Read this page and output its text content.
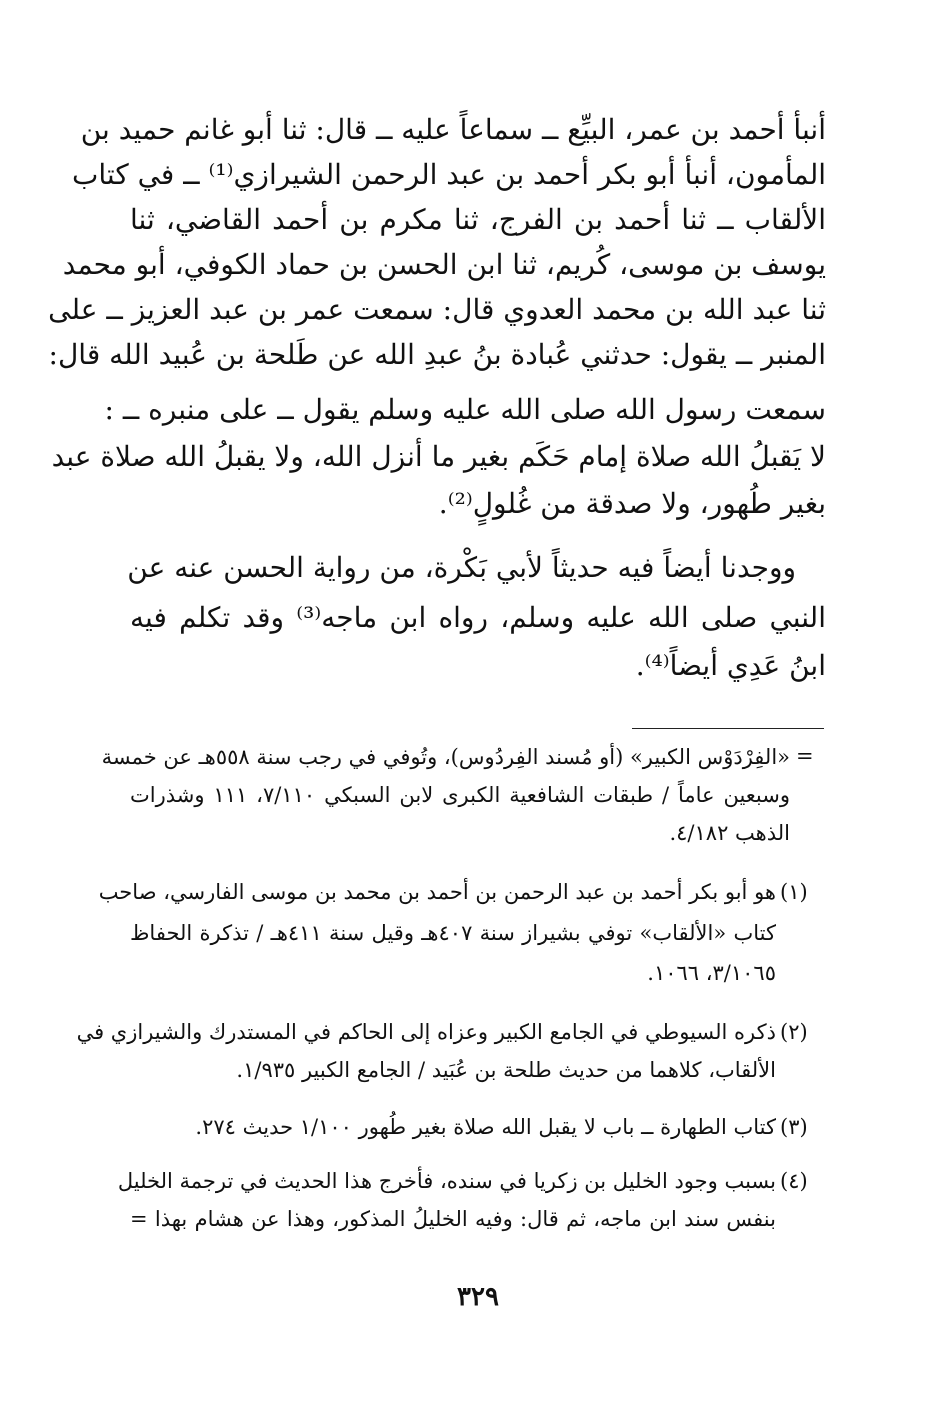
أنبأ أحمد بن عمر، البيِّع ــ سماعاً عليه ــ قال: ثنا أبو غانم حميد بن
المأمون، أنبأ أبو بكر أحمد بن عبد الرحمن الشيرازي⁽¹⁾ ــ في كتاب
الألقاب ــ ثنا أحمد بن الفرج، ثنا مكرم بن أحمد القاضي، ثنا
يوسف بن موسى، كُريم، ثنا ابن الحسن بن حماد الكوفي، أبو محمد
ثنا عبد الله بن محمد العدوي قال: سمعت عمر بن عبد العزيز ــ على
المنبر ــ يقول: حدثني عُبادة بنُ عبدِ الله عن طَلحة بن عُبيد الله قال:
سمعت رسول الله صلى الله عليه وسلم يقول ــ على منبره ــ :
لا يَقبلُ الله صلاة إمام حَكَم بغير ما أنزل الله، ولا يقبلُ الله صلاة عبد
بغير طُهور، ولا صدقة من غُلولٍ⁽²⁾.
ووجدنا أيضاً فيه حديثاً لأبي بَكْرة، من رواية الحسن عنه عن
النبي صلى الله عليه وسلم، رواه ابن ماجه⁽³⁾ وقد تكلم فيه
ابنُ عَدِي أيضاً⁽⁴⁾.
=
«الفِرْدَوْس الكبير» (أو مُسند الفِردُوس)، وتُوفي في رجب سنة ٥٥٨هـ عن خمسة
وسبعين عاماً / طبقات الشافعية الكبرى لابن السبكي ٧/١١٠، ١١١ وشذرات
الذهب ٤/١٨٢.
(١)
هو أبو بكر أحمد بن عبد الرحمن بن أحمد بن محمد بن موسى الفارسي، صاحب
كتاب «الألقاب» توفي بشيراز سنة ٤٠٧هـ وقيل سنة ٤١١هـ / تذكرة الحفاظ
٣/١٠٦٥، ١٠٦٦.
(٢)
ذكره السيوطي في الجامع الكبير وعزاه إلى الحاكم في المستدرك والشيرازي في
الألقاب، كلاهما من حديث طلحة بن عُبَيد / الجامع الكبير ١/٩٣٥.
(٣)
كتاب الطهارة ــ باب لا يقبل الله صلاة بغير طُهور ١/١٠٠ حديث ٢٧٤.
(٤)
بسبب وجود الخليل بن زكريا في سنده، فأخرج هذا الحديث في ترجمة الخليل
بنفس سند ابن ماجه، ثم قال: وفيه الخليلُ المذكور، وهذا عن هشام بهذا =
٣٢٩
